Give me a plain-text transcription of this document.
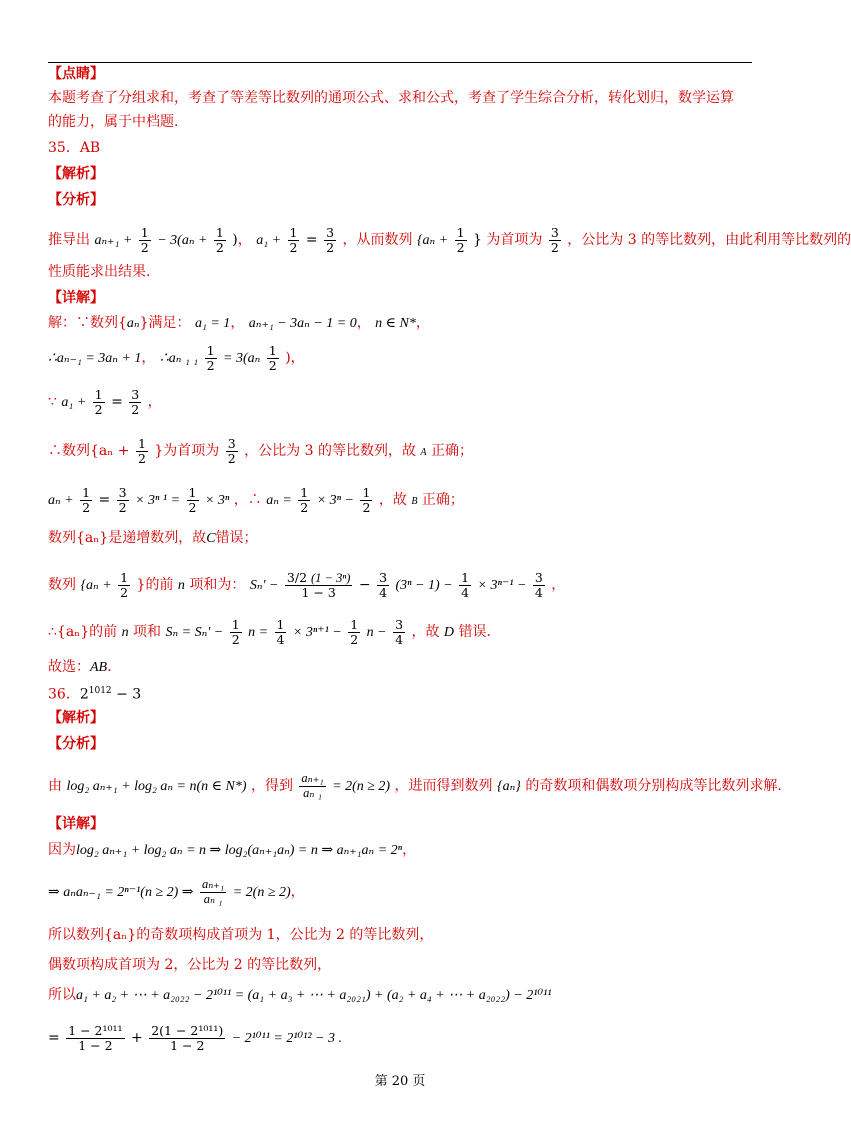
【点睛】
本题考查了分组求和，考查了等差等比数列的通项公式、求和公式，考查了学生综合分析，转化划归，数学运算
的能力，属于中档题.
35．AB
【解析】
【分析】
推导出 $a_{n+1} + \frac{1}{2} - 3(a_n + \frac{1}{2}$ )， $a_1 + \frac{1}{2} = \frac{3}{2}$ ，从而数列 {$a_n + \frac{1}{2}$ } 为首项为 $\frac{3}{2}$ ，公比为 3 的等比数列，由此利用等比数列的
性质能求出结果.
【详解】
解：∵数列{aₙ}满足： a₁ = 1， aₙ₊₁ − 3aₙ − 1 = 0， n ∈ N*，
∴aₙ₋₁ = 3aₙ + 1， ∴aₙ ₁ $_1 \frac{1}{2} = 3(a_n \frac{1}{2}$ )，
∵ $a_1 + \frac{1}{2} = \frac{3}{2}$ ，
∴数列{$a_n + \frac{1}{2}$ }为首项为 $\frac{3}{2}$ ，公比为 3 的等比数列，故 A 正确；
$a_n + \frac{1}{2} = \frac{3}{2} \times 3^n$ $^1 = \frac{1}{2} \times 3^n$ ，∴ $a_n = \frac{1}{2} \times 3^n - \frac{1}{2}$ ，故 B 正确；
数列{aₙ}是递增数列，故C错误；
数列 {$a_n + \frac{1}{2}$ }的前 n 项和为： $S_n' - \frac{\text{3/2 (1 − 3ⁿ)}}{1 - 3} - \frac{3}{4} (3^n - 1) - \frac{1}{4} \times 3^{n-1} - \frac{3}{4}$ ，
∴{aₙ}的前 n 项和 $S_n = S_n' - \frac{1}{2}$ $n = \frac{1}{4} \times 3^{n+1} - \frac{1}{2}$ $n - \frac{3}{4}$ ，故 D 错误.
故选：AB.
36．$2^{1012} - 3$
【解析】
【分析】
由 log₂ aₙ₊₁ + log₂ aₙ = n(n ∈ N*) ，得到 $\frac{\text{aₙ₊₁}}{\text{aₙ ₁}} = 2(n \ge 2)$ ，进而得到数列 {aₙ} 的奇数项和偶数项分别构成等比数列求解.
【详解】
因为log₂ aₙ₊₁ + log₂ aₙ = n ⇒ log₂(aₙ₊₁aₙ) = n ⇒ aₙ₊₁aₙ = 2ⁿ，
⇒ aₙaₙ₋₁ = 2ⁿ⁻¹(n ≥ 2) ⇒ $\frac{\text{aₙ₊₁}}{\text{aₙ ₁}} = 2(n \ge 2)$，
所以数列{aₙ}的奇数项构成首项为 1，公比为 2 的等比数列，
偶数项构成首项为 2，公比为 2 的等比数列，
所以a₁ + a₂ + ⋯ + a₂₀₂₂ − 2¹⁰¹¹ = (a₁ + a₃ + ⋯ + a₂₀₂₁) + (a₂ + a₄ + ⋯ + a₂₀₂₂) − 2¹⁰¹¹
= $\frac{\text{1 − 2¹⁰¹¹}}{1 - 2} + \frac{\text{2(1 − 2¹⁰¹¹)}}{1 - 2} - 2^{1011} = 2^{1012} - 3$ .
第 20 页
